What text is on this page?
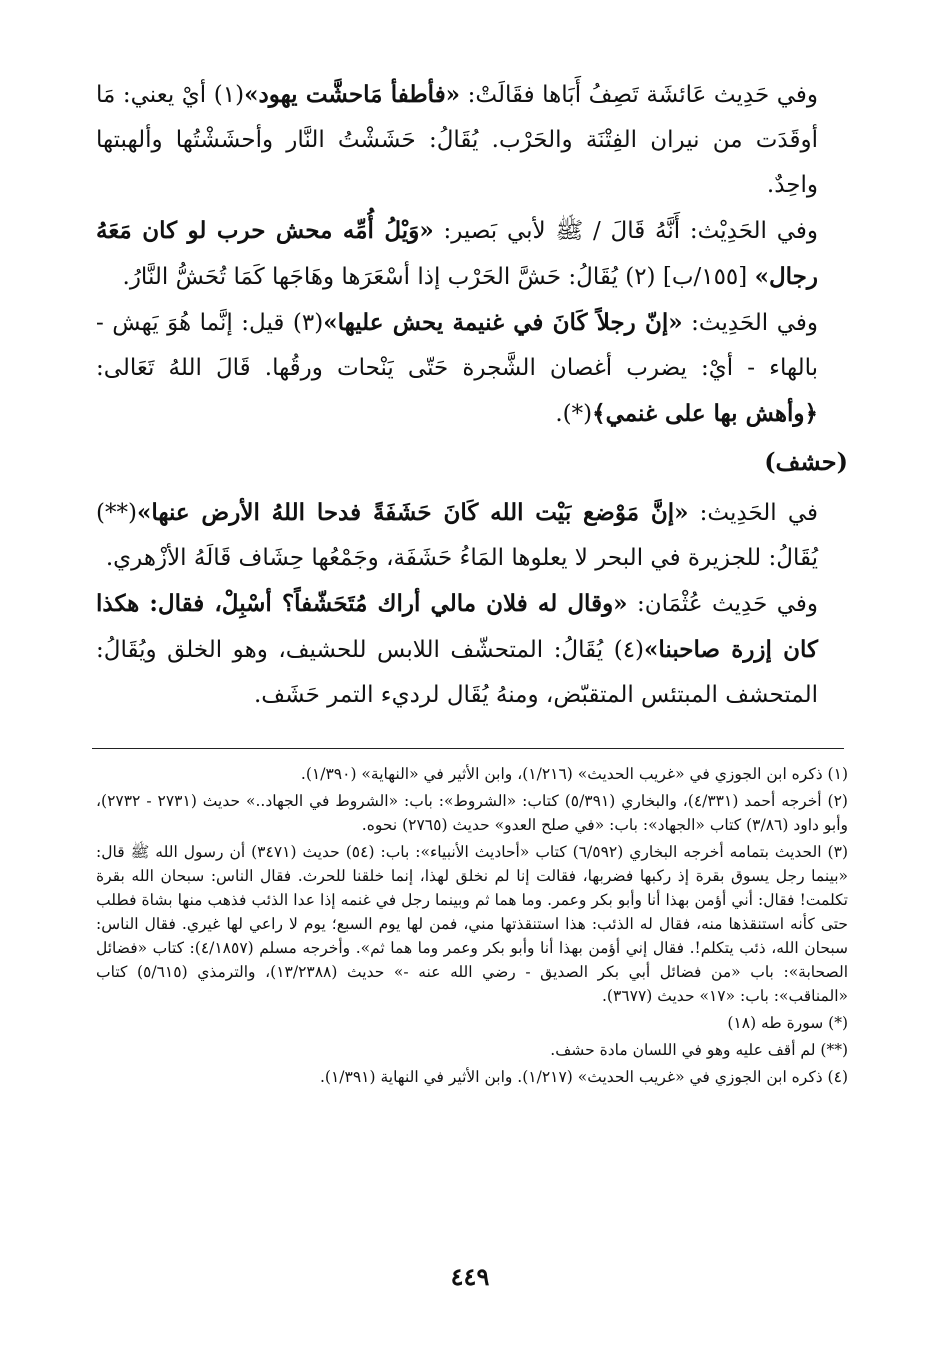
وفي حَدِيث عَائشَة تَصِفُ أَبَاها فقَالَتْ: «فأطفأ مَاحشَّت يهود»(١) أيْ يعني: مَا أوقَدَت من نيران الفِتْنَة والحَرْب. يُقَالُ: حَشَشْتُ النَّار وأحشَشْتُها وألهبتها واحِدٌ.

وفي الحَدِيْث: أَنَّهُ قَالَ / ﷺ لأبي بَصير: «وَيْلُ أُمِّه محش حرب لو كان مَعَهُ رجال» [١٥٥/ب] (٢) يُقَالُ: حَشَّ الحَرْب إذا أسْعَرَها وهَاجَها كَمَا تُحَشُّ النَّارُ.

وفي الحَدِيث: «إنّ رجلاً كَانَ في غنيمة يحش عليها»(٣) قيل: إنَّما هُوَ يَهش - بالهاء - أيْ: يضرب أغصان الشَّجرة حَتّى يَنْحات ورقُها. قَالَ اللهُ تَعَالى: ﴿وأهش بها على غنمي﴾(*).

(حشف)

في الحَدِيث: «إنَّ مَوْضع بَيْت الله كَانَ حَشَفَةً فدحا اللهُ الأرض عنها»(**) يُقَالُ: للجزيرة في البحر لا يعلوها المَاءُ حَشَفَة، وجَمْعُها حِشَاف قَالَهُ الأزْهري.

وفي حَدِيث عُثْمَان: «وقال له فلان مالي أراك مُتَحَشّفاً؟ أسْبِلْ، فقال: هكذا كان إزرة صاحبنا»(٤) يُقَالُ: المتحشّف اللابس للحشيف، وهو الخلق ويُقَالُ: المتحشف المبتئس المتقبّض، ومنهُ يُقَال لرديء التمر حَشَف.

(١) ذكره ابن الجوزي في «غريب الحديث» (١/٢١٦)، وابن الأثير في «النهاية» (١/٣٩٠).

(٢) أخرجه أحمد (٤/٣٣١)، والبخاري (٥/٣٩١) كتاب: «الشروط»: باب: «الشروط في الجهاد..» حديث (٢٧٣١ - ٢٧٣٢)، وأبو داود (٣/٨٦) كتاب «الجهاد»: باب: «في صلح العدو» حديث (٢٧٦٥) نحوه.

(٣) الحديث بتمامه أخرجه البخاري (٦/٥٩٢) كتاب «أحاديث الأنبياء»: باب: (٥٤) حديث (٣٤٧١) أن رسول الله ﷺ قال: «بينما رجل يسوق بقرة إذ ركبها فضربها، فقالت إنا لم نخلق لهذا، إنما خلقنا للحرث. فقال الناس: سبحان الله بقرة تكلمت! فقال: أني أؤمن بهذا أنا وأبو بكر وعمر. وما هما ثم وبينما رجل في غنمه إذا عدا الذئب فذهب منها بشاة فطلب حتى كأنه استنقذها منه، فقال له الذئب: هذا استنقذتها مني، فمن لها يوم السبع؛ يوم لا راعي لها غيري. فقال الناس: سبحان الله، ذئب يتكلم!. فقال إني أؤمن بهذا أنا وأبو بكر وعمر وما هما ثم». وأخرجه مسلم (٤/١٨٥٧): كتاب «فضائل الصحابة»: باب «من فضائل أبي بكر الصديق - رضي الله عنه -» حديث (١٣/٢٣٨٨)، والترمذي (٥/٦١٥) كتاب «المناقب»: باب: «١٧» حديث (٣٦٧٧).

(*) سورة طه (١٨)

(**) لم أقف عليه وهو في اللسان مادة حشف.

(٤) ذكره ابن الجوزي في «غريب الحديث» (١/٢١٧). وابن الأثير في النهاية (١/٣٩١).

٤٤٩
